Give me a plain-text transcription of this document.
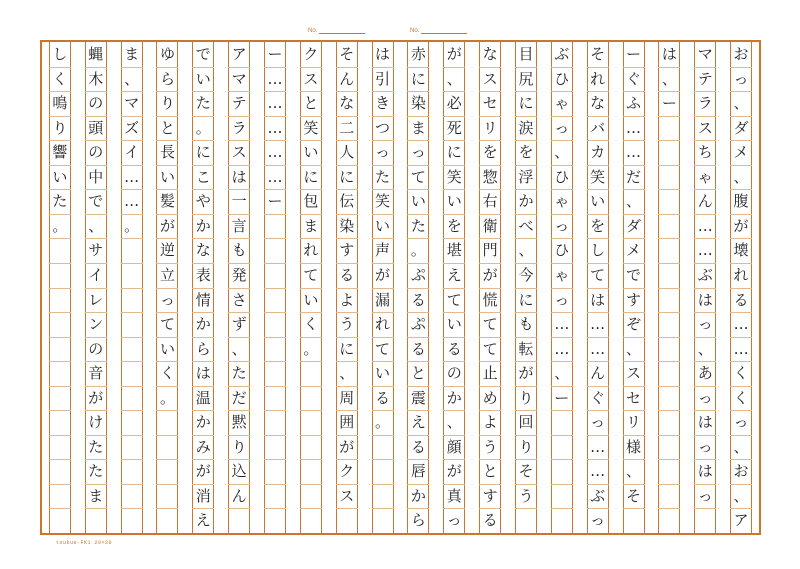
No.	No.
お
っ
、
ダ
メ
、
腹
が
壊
れ
る
…
…
く
く
っ
、
お
、
ア
マ
テ
ラ
ス
ち
ゃ
ん
…
…
ぶ
は
っ
、
あ
っ
は
っ
は
っ
は
、
ー
ー
ぐ
ふ
…
…
だ
、
ダ
メ
で
す
ぞ
、
ス
セ
リ
様
、
そ
そ
れ
な
バ
カ
笑
い
を
し
て
は
…
…
ん
ぐ
っ
…
…
ぶ
っ
ぶ
ひ
ゃ
っ
、
ひ
ゃ
っ
ひ
ゃ
っ
…
…
、
ー
目
尻
に
涙
を
浮
か
べ
、
今
に
も
転
が
り
回
り
そ
う
な
ス
セ
リ
を
惣
右
衛
門
が
慌
て
て
止
め
よ
う
と
す
る
が
、
必
死
に
笑
い
を
堪
え
て
い
る
の
か
、
顔
が
真
っ
赤
に
染
ま
っ
て
い
た
。
ぷ
る
ぷ
る
と
震
え
る
唇
か
ら
は
引
き
つ
っ
た
笑
い
声
が
漏
れ
て
い
る
。
そ
ん
な
二
人
に
伝
染
す
る
よ
う
に
、
周
囲
が
ク
ス
ク
ス
と
笑
い
に
包
ま
れ
て
い
く
。
ー
…
…
…
…
…
ー
ア
マ
テ
ラ
ス
は
一
言
も
発
さ
ず
、
た
だ
黙
り
込
ん
で
い
た
。
に
こ
や
か
な
表
情
か
ら
は
温
か
み
が
消
え
ゆ
ら
り
と
長
い
髪
が
逆
立
っ
て
い
く
。
ま
、
マ
ズ
イ
…
…
。
蝿
木
の
頭
の
中
で
、
サ
イ
レ
ン
の
音
が
け
た
た
ま
し
く
鳴
り
響
い
た
。
tsukue-FK1 20×20
